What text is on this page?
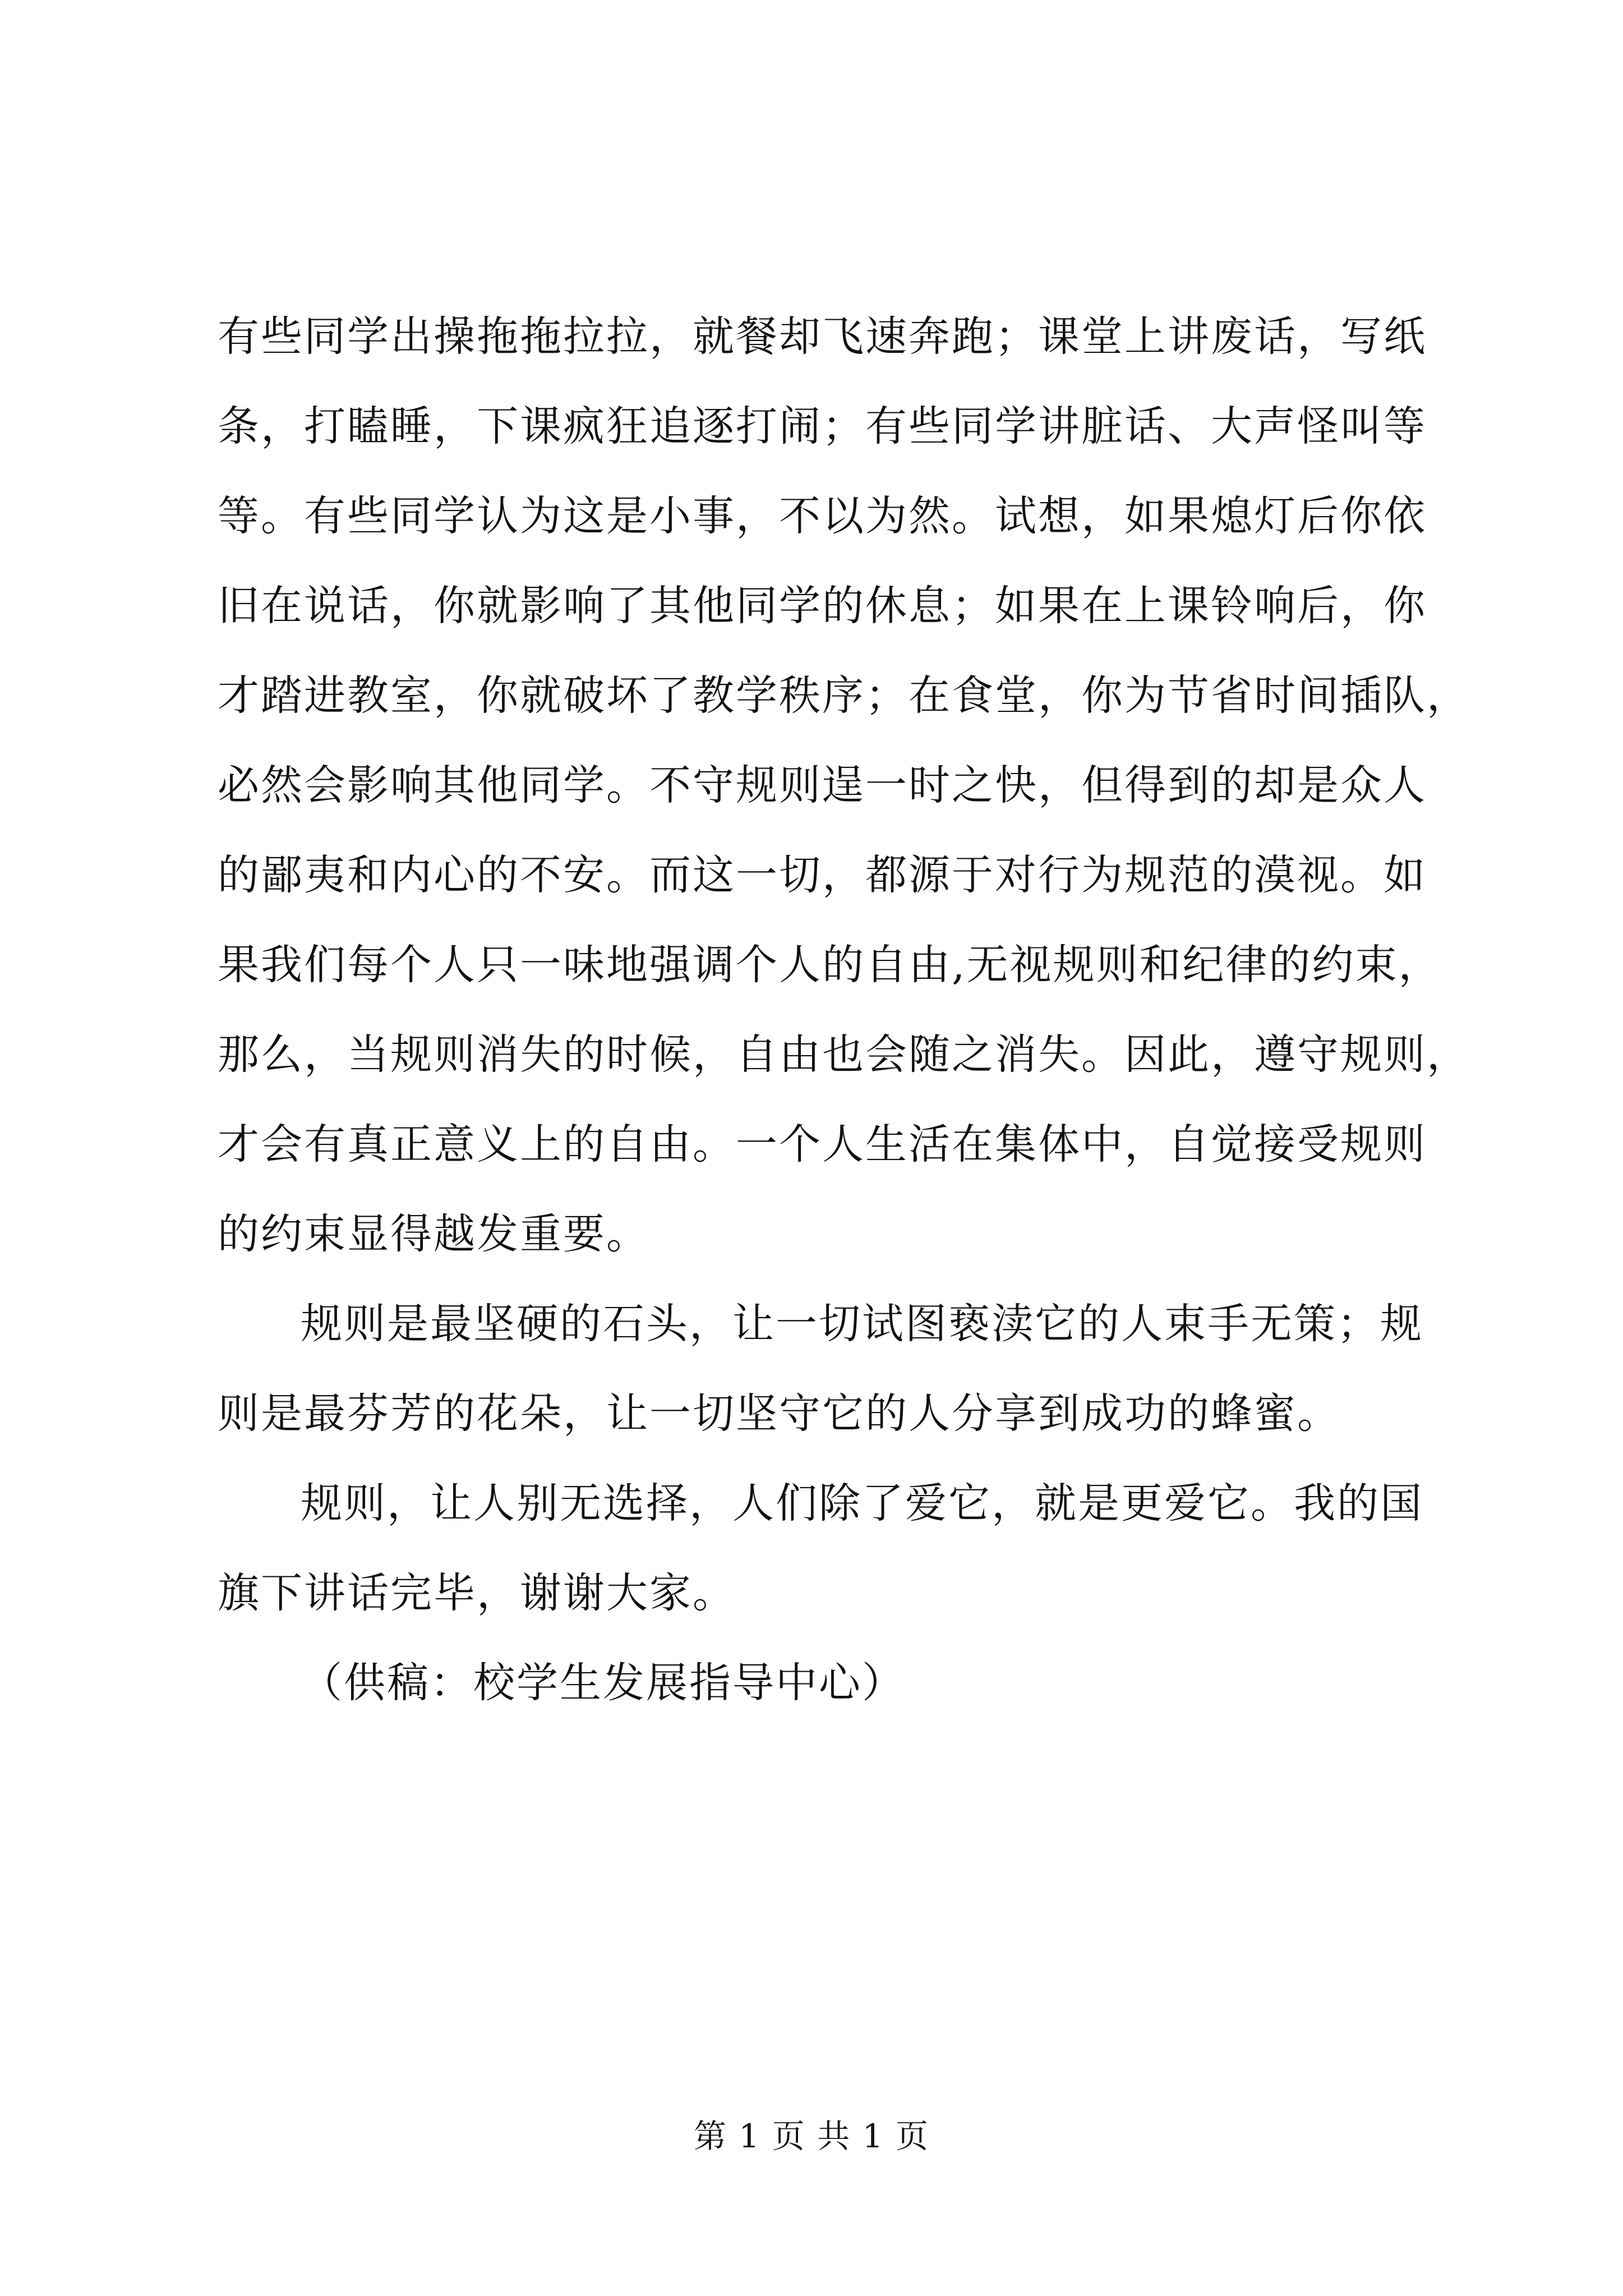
有些同学出操拖拖拉拉，就餐却飞速奔跑；课堂上讲废话，写纸
条，打瞌睡，下课疯狂追逐打闹；有些同学讲脏话、大声怪叫等
等。有些同学认为这是小事，不以为然。试想，如果熄灯后你依
旧在说话，你就影响了其他同学的休息；如果在上课铃响后，你
才踏进教室，你就破坏了教学秩序；在食堂，你为节省时间插队，
必然会影响其他同学。不守规则逞一时之快，但得到的却是众人
的鄙夷和内心的不安。而这一切，都源于对行为规范的漠视。如
果我们每个人只一味地强调个人的自由,无视规则和纪律的约束，
那么，当规则消失的时候，自由也会随之消失。因此，遵守规则，
才会有真正意义上的自由。一个人生活在集体中，自觉接受规则
的约束显得越发重要。
规则是最坚硬的石头，让一切试图亵渎它的人束手无策；规
则是最芬芳的花朵，让一切坚守它的人分享到成功的蜂蜜。
规则，让人别无选择，人们除了爱它，就是更爱它。我的国
旗下讲话完毕，谢谢大家。
（供稿：校学生发展指导中心）
第 1 页 共 1 页
